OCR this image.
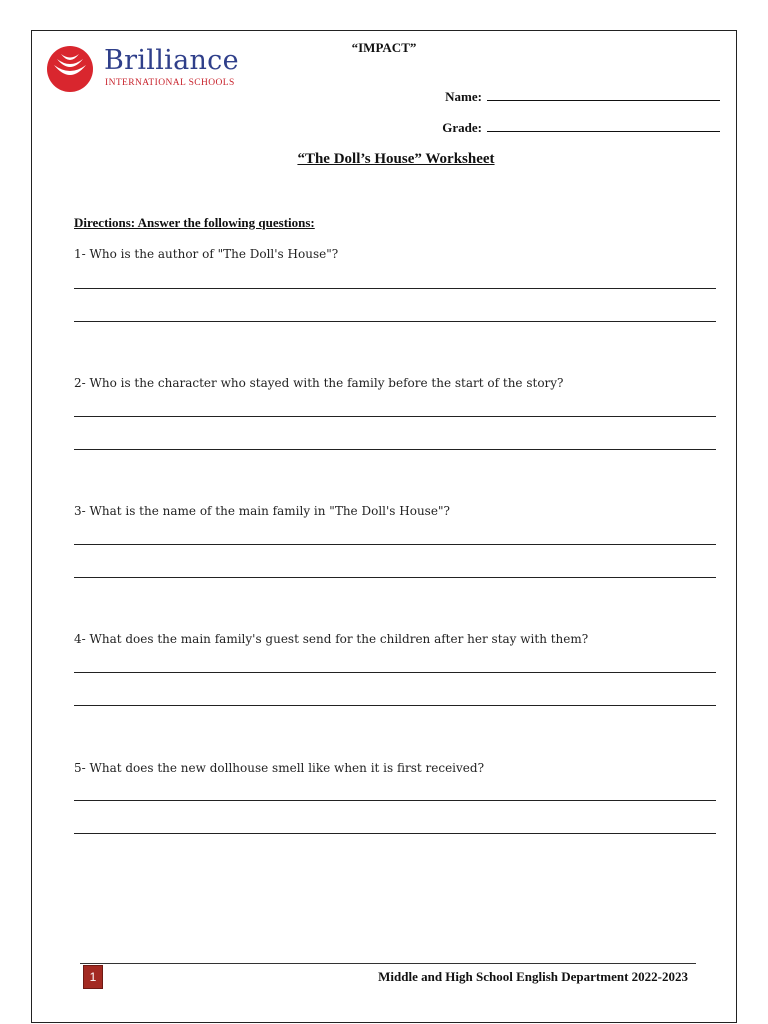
Brilliance
INTERNATIONAL SCHOOLS
“IMPACT”
Name:
Grade:
“The Doll’s House” Worksheet
Directions: Answer the following questions:
1- Who is the author of "The Doll's House"?
2- Who is the character who stayed with the family before the start of the story?
3- What is the name of the main family in "The Doll's House"?
4- What does the main family's guest send for the children after her stay with them?
5- What does the new dollhouse smell like when it is first received?
1	Middle and High School English Department 2022-2023
